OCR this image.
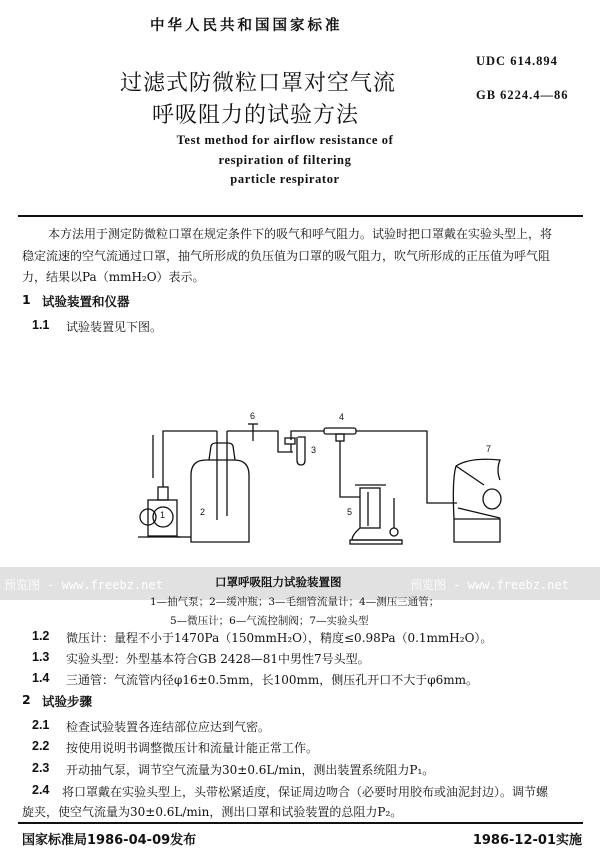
中华人民共和国国家标准
过滤式防微粒口罩对空气流
呼吸阻力的试验方法
UDC 614.894
GB 6224.4—86
Test method for airflow resistance of
respiration of filtering
particle respirator
本方法用于测定防微粒口罩在规定条件下的吸气和呼气阻力。试验时把口罩戴在实验头型上，将
稳定流速的空气流通过口罩，抽气所形成的负压值为口罩的吸气阻力，吹气所形成的正压值为呼气阻
力，结果以Pa（mmH₂O）表示。
1 试验装置和仪器
1.1 试验装置见下图。
1	2
3
4
5
6
7
预览图 - www.freebz.net	预览图 - www.freebz.net
口罩呼吸阻力试验装置图
1—抽气泵；2—缓冲瓶；3—毛细管流量计；4—测压三通管；
5—微压计；6—气流控制阀；7—实验头型
1.2 微压计：量程不小于1470Pa（150mmH₂O），精度≤0.98Pa（0.1mmH₂O）。
1.3 实验头型：外型基本符合GB 2428—81中男性7号头型。
1.4 三通管：气流管内径φ16±0.5mm，长100mm，侧压孔开口不大于φ6mm。
2 试验步骤
2.1 检查试验装置各连结部位应达到气密。
2.2 按使用说明书调整微压计和流量计能正常工作。
2.3 开动抽气泵，调节空气流量为30±0.6L/min，测出装置系统阻力P₁。
2.4 将口罩戴在实验头型上，头带松紧适度，保证周边吻合（必要时用胶布或油泥封边）。调节螺
旋夹，使空气流量为30±0.6L/min，测出口罩和试验装置的总阻力P₂。
国家标准局1986-04-09发布	1986-12-01实施
